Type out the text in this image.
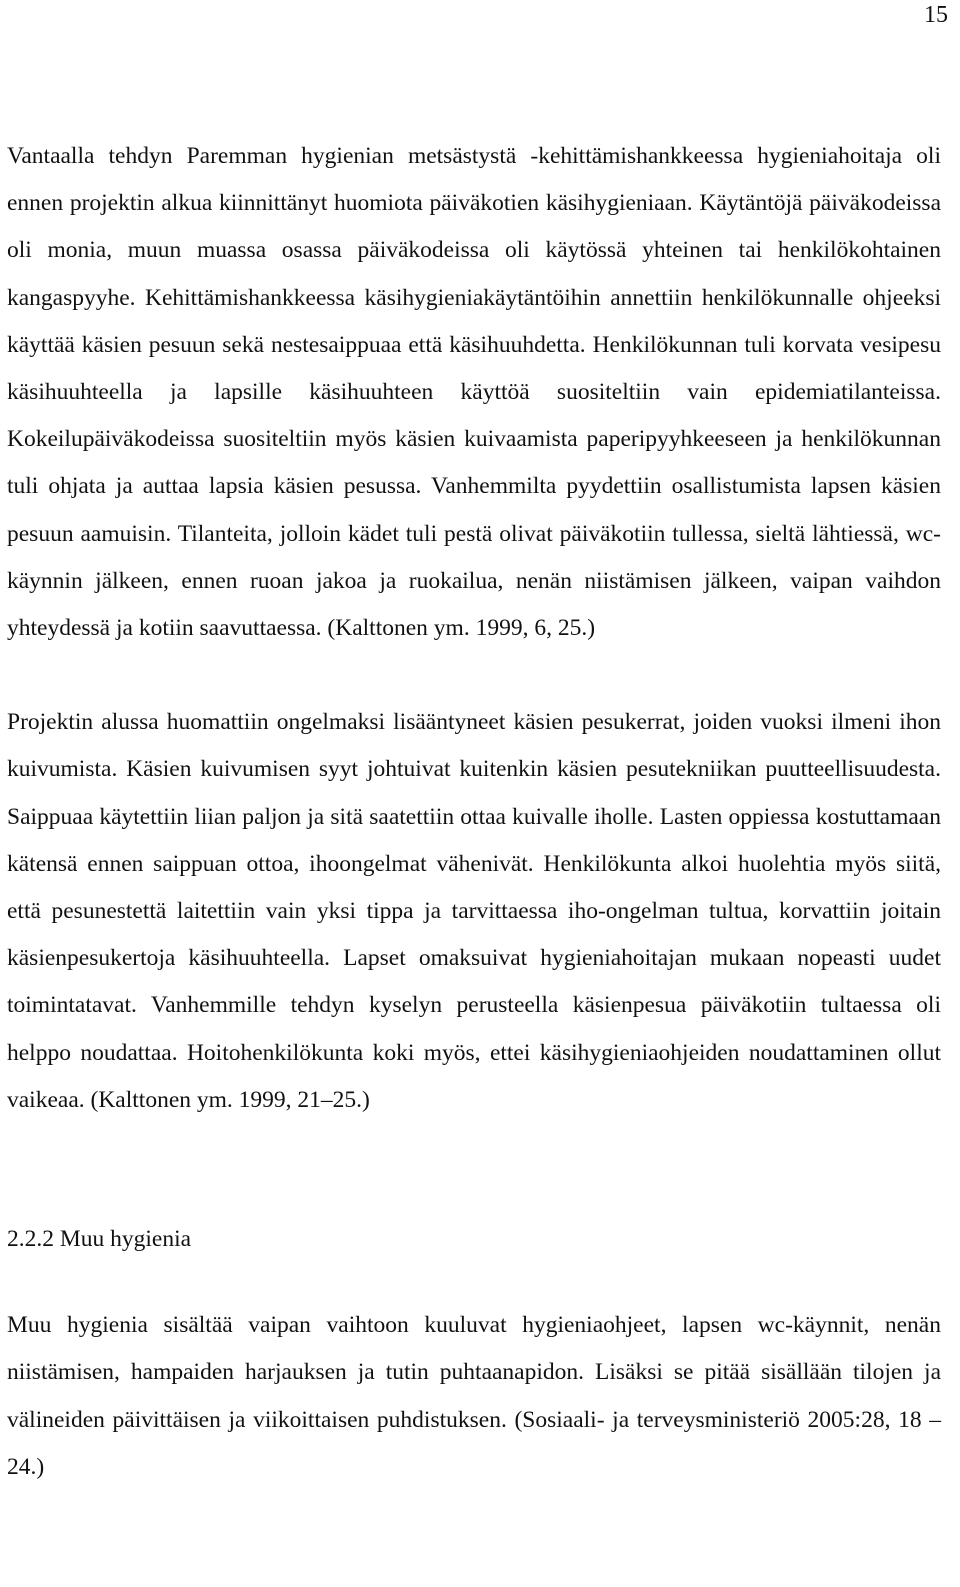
15

Vantaalla tehdyn Paremman hygienian metsästystä -kehittämishankkeessa hygieniahoitaja oli ennen projektin alkua kiinnittänyt huomiota päiväkotien käsihygieniaan. Käytäntöjä päiväkodeissa oli monia, muun muassa osassa päiväkodeissa oli käytössä yhteinen tai henkilökohtainen kangaspyyhe. Kehittämishankkeessa käsihygieniakäytäntöihin annettiin henkilökunnalle ohjeeksi käyttää käsien pesuun sekä nestesaippuaa että käsihuuhdetta. Henkilökunnan tuli korvata vesipesu käsihuuhteella ja lapsille käsihuuhteen käyttöä suositeltiin vain epidemiatilanteissa. Kokeilupäiväkodeissa suositeltiin myös käsien kuivaamista paperipyyhkeeseen ja henkilökunnan tuli ohjata ja auttaa lapsia käsien pesussa. Vanhemmilta pyydettiin osallistumista lapsen käsien pesuun aamuisin. Tilanteita, jolloin kädet tuli pestä olivat päiväkotiin tullessa, sieltä lähtiessä, wc-käynnin jälkeen, ennen ruoan jakoa ja ruokailua, nenän niistämisen jälkeen, vaipan vaihdon yhteydessä ja kotiin saavuttaessa. (Kalttonen ym. 1999, 6, 25.)

Projektin alussa huomattiin ongelmaksi lisääntyneet käsien pesukerrat, joiden vuoksi ilmeni ihon kuivumista. Käsien kuivumisen syyt johtuivat kuitenkin käsien pesutekniikan puutteellisuudesta. Saippuaa käytettiin liian paljon ja sitä saatettiin ottaa kuivalle iholle. Lasten oppiessa kostuttamaan kätensä ennen saippuan ottoa, ihoongelmat vähenivät. Henkilökunta alkoi huolehtia myös siitä, että pesunestettä laitettiin vain yksi tippa ja tarvittaessa iho-ongelman tultua, korvattiin joitain käsienpesukertoja käsihuuhteella. Lapset omaksuivat hygieniahoitajan mukaan nopeasti uudet toimintatavat. Vanhemmille tehdyn kyselyn perusteella käsienpesua päiväkotiin tultaessa oli helppo noudattaa. Hoitohenkilökunta koki myös, ettei käsihygieniaohjeiden noudattaminen ollut vaikeaa. (Kalttonen ym. 1999, 21–25.)

2.2.2 Muu hygienia

Muu hygienia sisältää vaipan vaihtoon kuuluvat hygieniaohjeet, lapsen wc-käynnit, nenän niistämisen, hampaiden harjauksen ja tutin puhtaanapidon. Lisäksi se pitää sisällään tilojen ja välineiden päivittäisen ja viikoittaisen puhdistuksen. (Sosiaali- ja terveysministeriö 2005:28, 18 – 24.)
